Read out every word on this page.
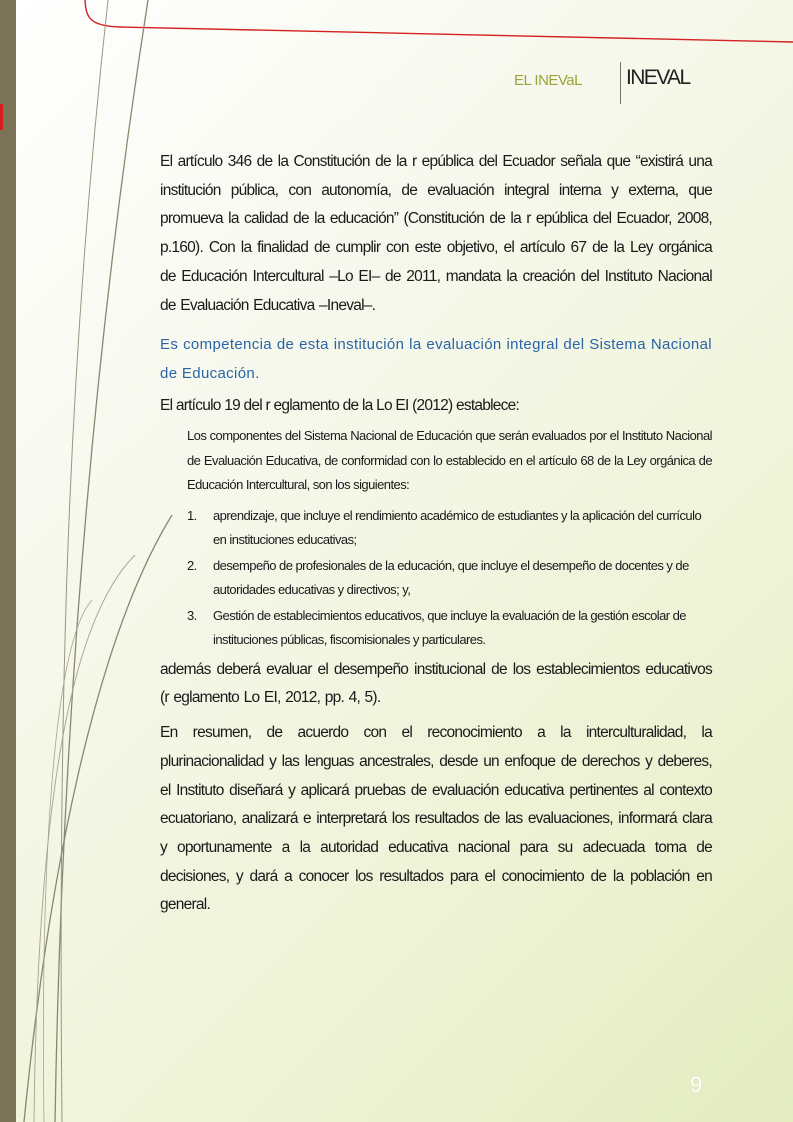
EL INEVaL INEVAL

El artículo 346 de la Constitución de la r epública del Ecuador señala que “existirá una institución pública, con autonomía, de evaluación integral interna y externa, que promueva la calidad de la educación” (Constitución de la r epública del Ecuador, 2008, p.160). Con la finalidad de cumplir con este objetivo, el artículo 67 de la Ley orgánica de Educación Intercultural –Lo EI– de 2011, mandata la creación del Instituto Nacional de Evaluación Educativa –Ineval–.

Es competencia de esta institución la evaluación integral del Sistema Nacional de Educación.

El artículo 19 del r eglamento de la Lo EI (2012) establece:

Los componentes del Sistema Nacional de Educación que serán evaluados por el Instituto Nacional de Evaluación Educativa, de conformidad con lo establecido en el artículo 68 de la Ley orgánica de Educación Intercultural, son los siguientes:

1. aprendizaje, que incluye el rendimiento académico de estudiantes y la aplicación del currículo en instituciones educativas;
2. desempeño de profesionales de la educación, que incluye el desempeño de docentes y de autoridades educativas y directivos; y,
3. Gestión de establecimientos educativos, que incluye la evaluación de la gestión escolar de instituciones públicas, fiscomisionales y particulares.

además deberá evaluar el desempeño institucional de los establecimientos educativos (r eglamento Lo EI, 2012, pp. 4, 5).

En resumen, de acuerdo con el reconocimiento a la interculturalidad, la plurinacionalidad y las lenguas ancestrales, desde un enfoque de derechos y deberes, el Instituto diseñará y aplicará pruebas de evaluación educativa pertinentes al contexto ecuatoriano, analizará e interpretará los resultados de las evaluaciones, informará clara y oportunamente a la autoridad educativa nacional para su adecuada toma de decisiones, y dará a conocer los resultados para el conocimiento de la población en general.

9
